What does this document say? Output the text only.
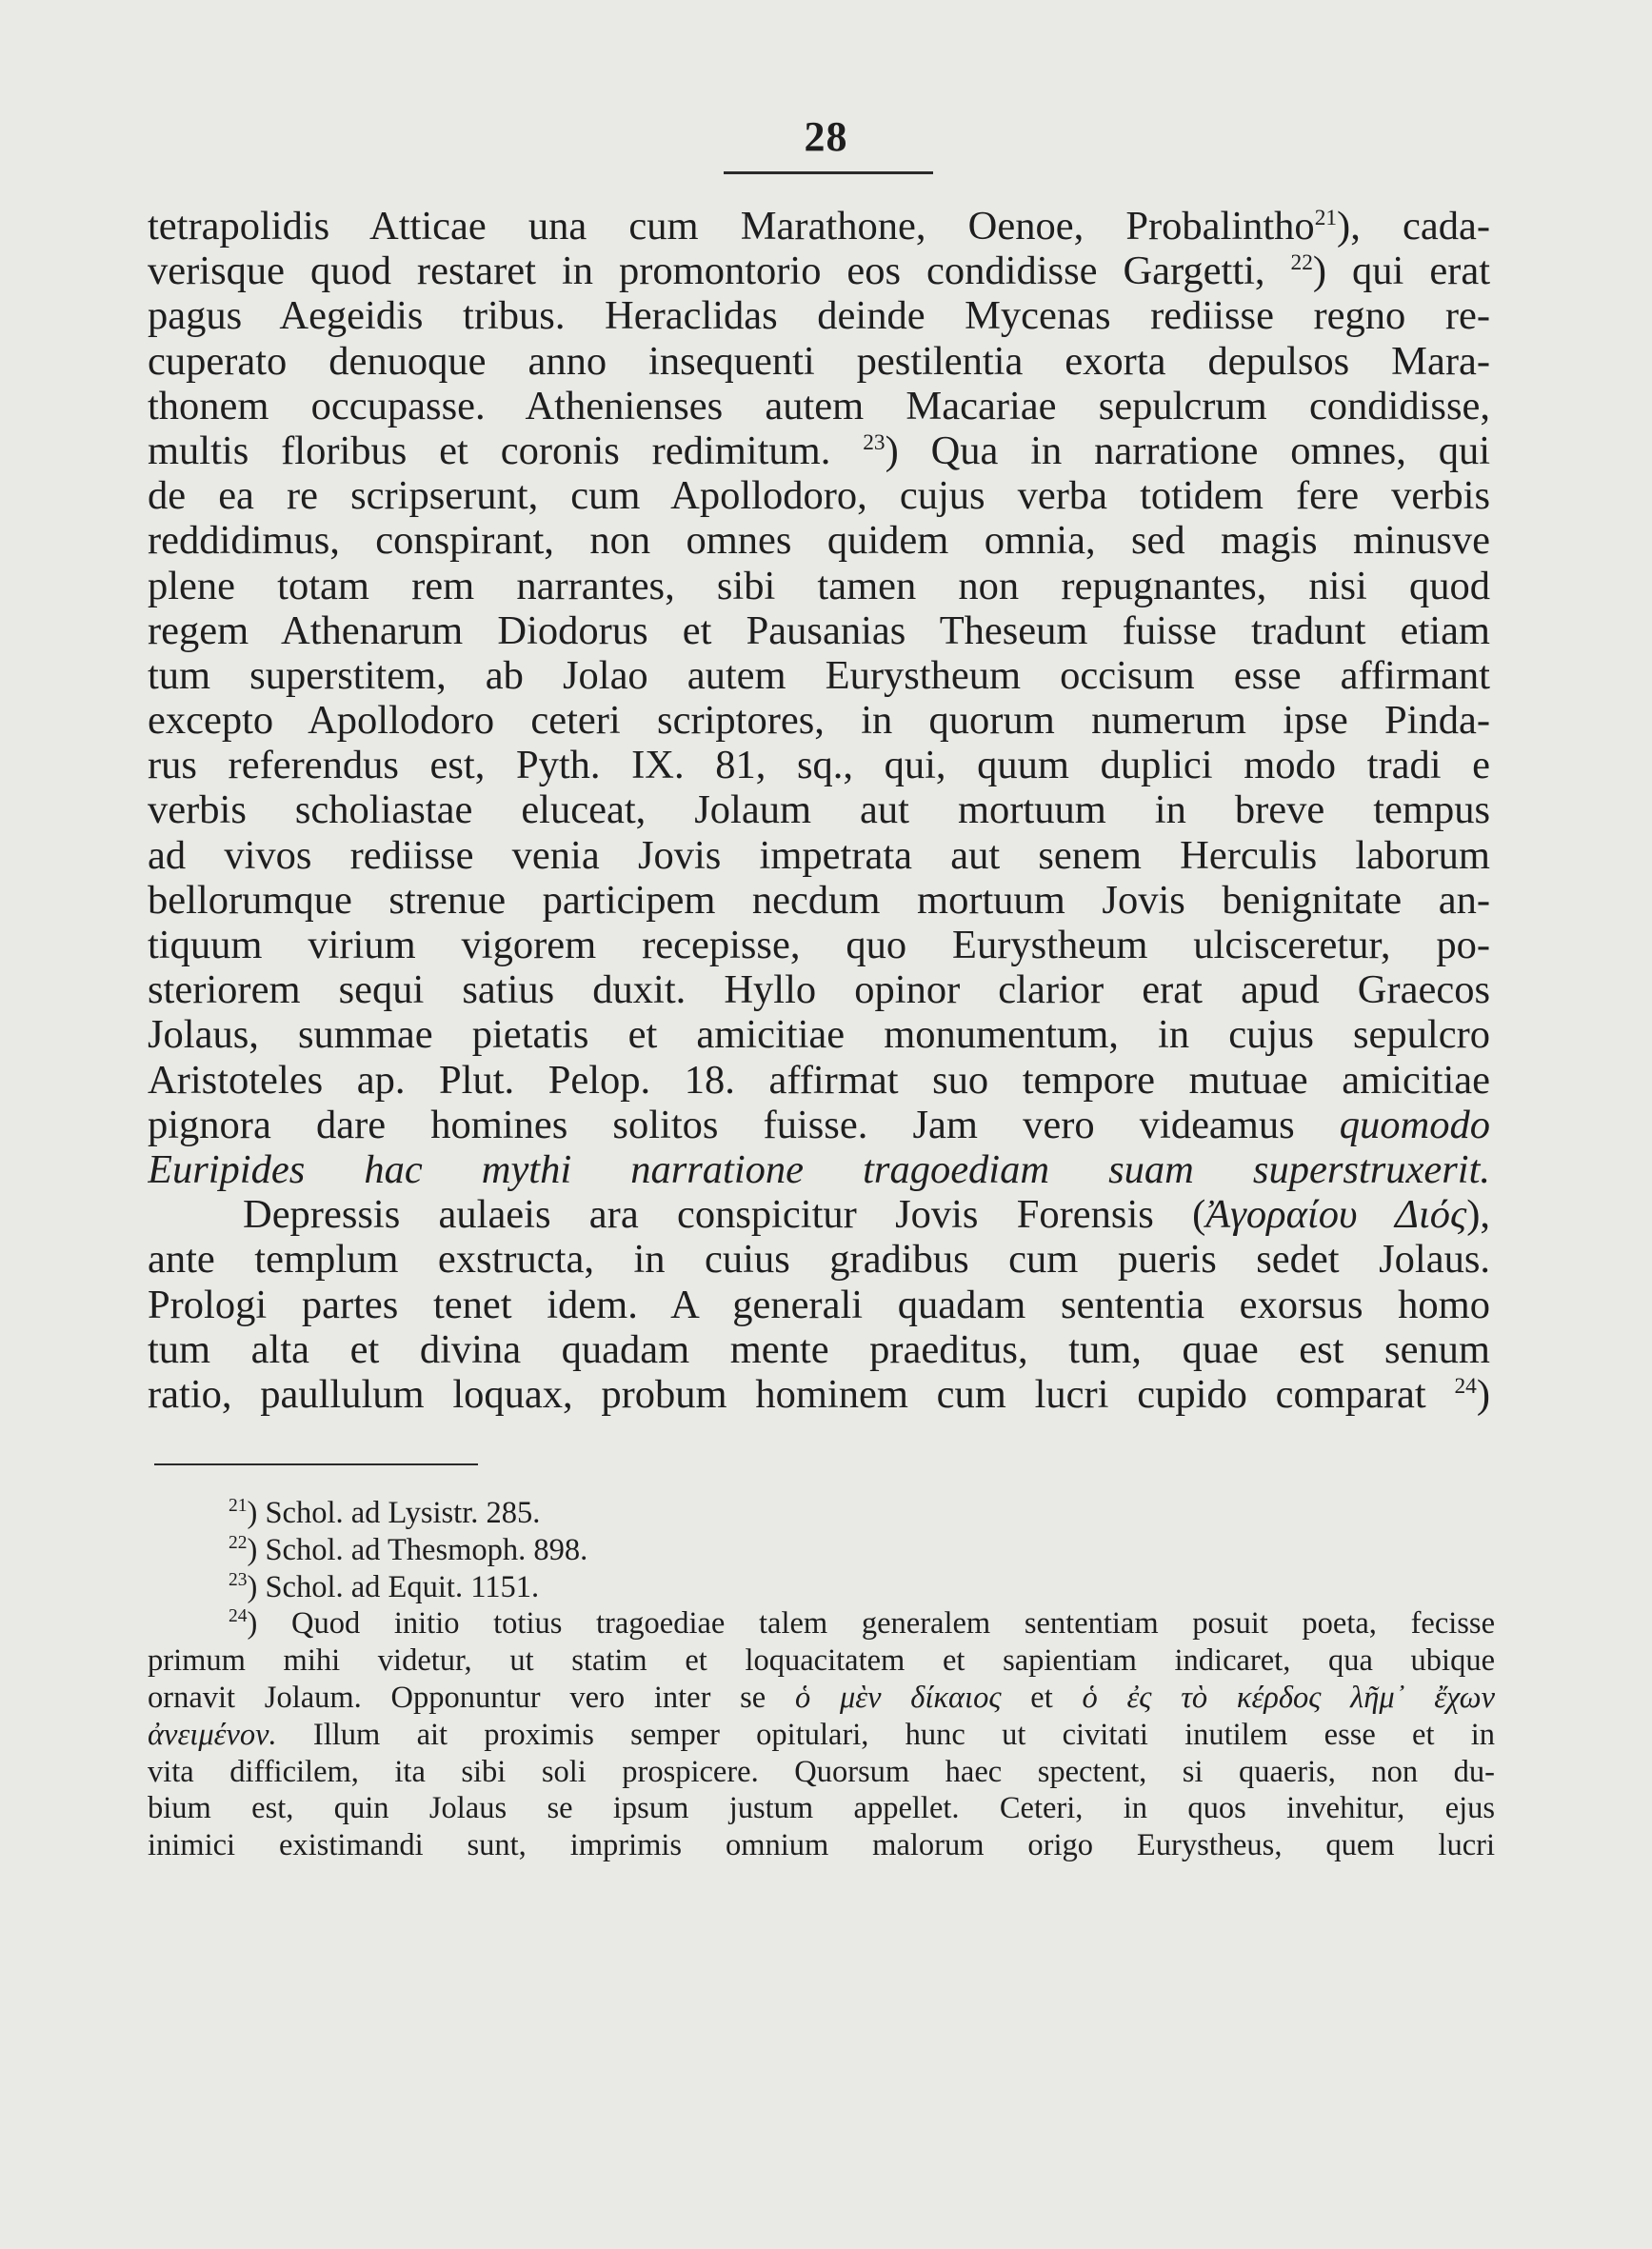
28
tetrapolidis Atticae una cum Marathone, Oenoe, Probalintho$^{21}$), cada-
verisque quod restaret in promontorio eos condidisse Gargetti, $^{22}$) qui erat
pagus Aegeidis tribus. Heraclidas deinde Mycenas rediisse regno re-
cuperato denuoque anno insequenti pestilentia exorta depulsos Mara-
thonem occupasse. Athenienses autem Macariae sepulcrum condidisse,
multis floribus et coronis redimitum. $^{23}$) Qua in narratione omnes, qui
de ea re scripserunt, cum Apollodoro, cujus verba totidem fere verbis
reddidimus, conspirant, non omnes quidem omnia, sed magis minusve
plene totam rem narrantes, sibi tamen non repugnantes, nisi quod
regem Athenarum Diodorus et Pausanias Theseum fuisse tradunt etiam
tum superstitem, ab Jolao autem Eurystheum occisum esse affirmant
excepto Apollodoro ceteri scriptores, in quorum numerum ipse Pinda-
rus referendus est, Pyth. IX. 81, sq., qui, quum duplici modo tradi e
verbis scholiastae eluceat, Jolaum aut mortuum in breve tempus
ad vivos rediisse venia Jovis impetrata aut senem Herculis laborum
bellorumque strenue participem necdum mortuum Jovis benignitate an-
tiquum virium vigorem recepisse, quo Eurystheum ulcisceretur, po-
steriorem sequi satius duxit. Hyllo opinor clarior erat apud Graecos
Jolaus, summae pietatis et amicitiae monumentum, in cujus sepulcro
Aristoteles ap. Plut. Pelop. 18. affirmat suo tempore mutuae amicitiae
pignora dare homines solitos fuisse. Jam vero videamus quomodo
Euripides hac mythi narratione tragoediam suam superstruxerit.
Depressis aulaeis ara conspicitur Jovis Forensis (Ἀγοραίου Διός),
ante templum exstructa, in cuius gradibus cum pueris sedet Jolaus.
Prologi partes tenet idem. A generali quadam sententia exorsus homo
tum alta et divina quadam mente praeditus, tum, quae est senum
ratio, paullulum loquax, probum hominem cum lucri cupido comparat $^{24}$)
$^{21}$) Schol. ad Lysistr. 285.
$^{22}$) Schol. ad Thesmoph. 898.
$^{23}$) Schol. ad Equit. 1151.
$^{24}$) Quod initio totius tragoediae talem generalem sententiam posuit poeta, fecisse
primum mihi videtur, ut statim et loquacitatem et sapientiam indicaret, qua ubique
ornavit Jolaum. Opponuntur vero inter se ὁ μὲν δίκαιος et ὁ ἐς τὸ κέρδος λῆμ᾽ ἔχων
ἀνειμένον. Illum ait proximis semper opitulari, hunc ut civitati inutilem esse et in
vita difficilem, ita sibi soli prospicere. Quorsum haec spectent, si quaeris, non du-
bium est, quin Jolaus se ipsum justum appellet. Ceteri, in quos invehitur, ejus
inimici existimandi sunt, imprimis omnium malorum origo Eurystheus, quem lucri
